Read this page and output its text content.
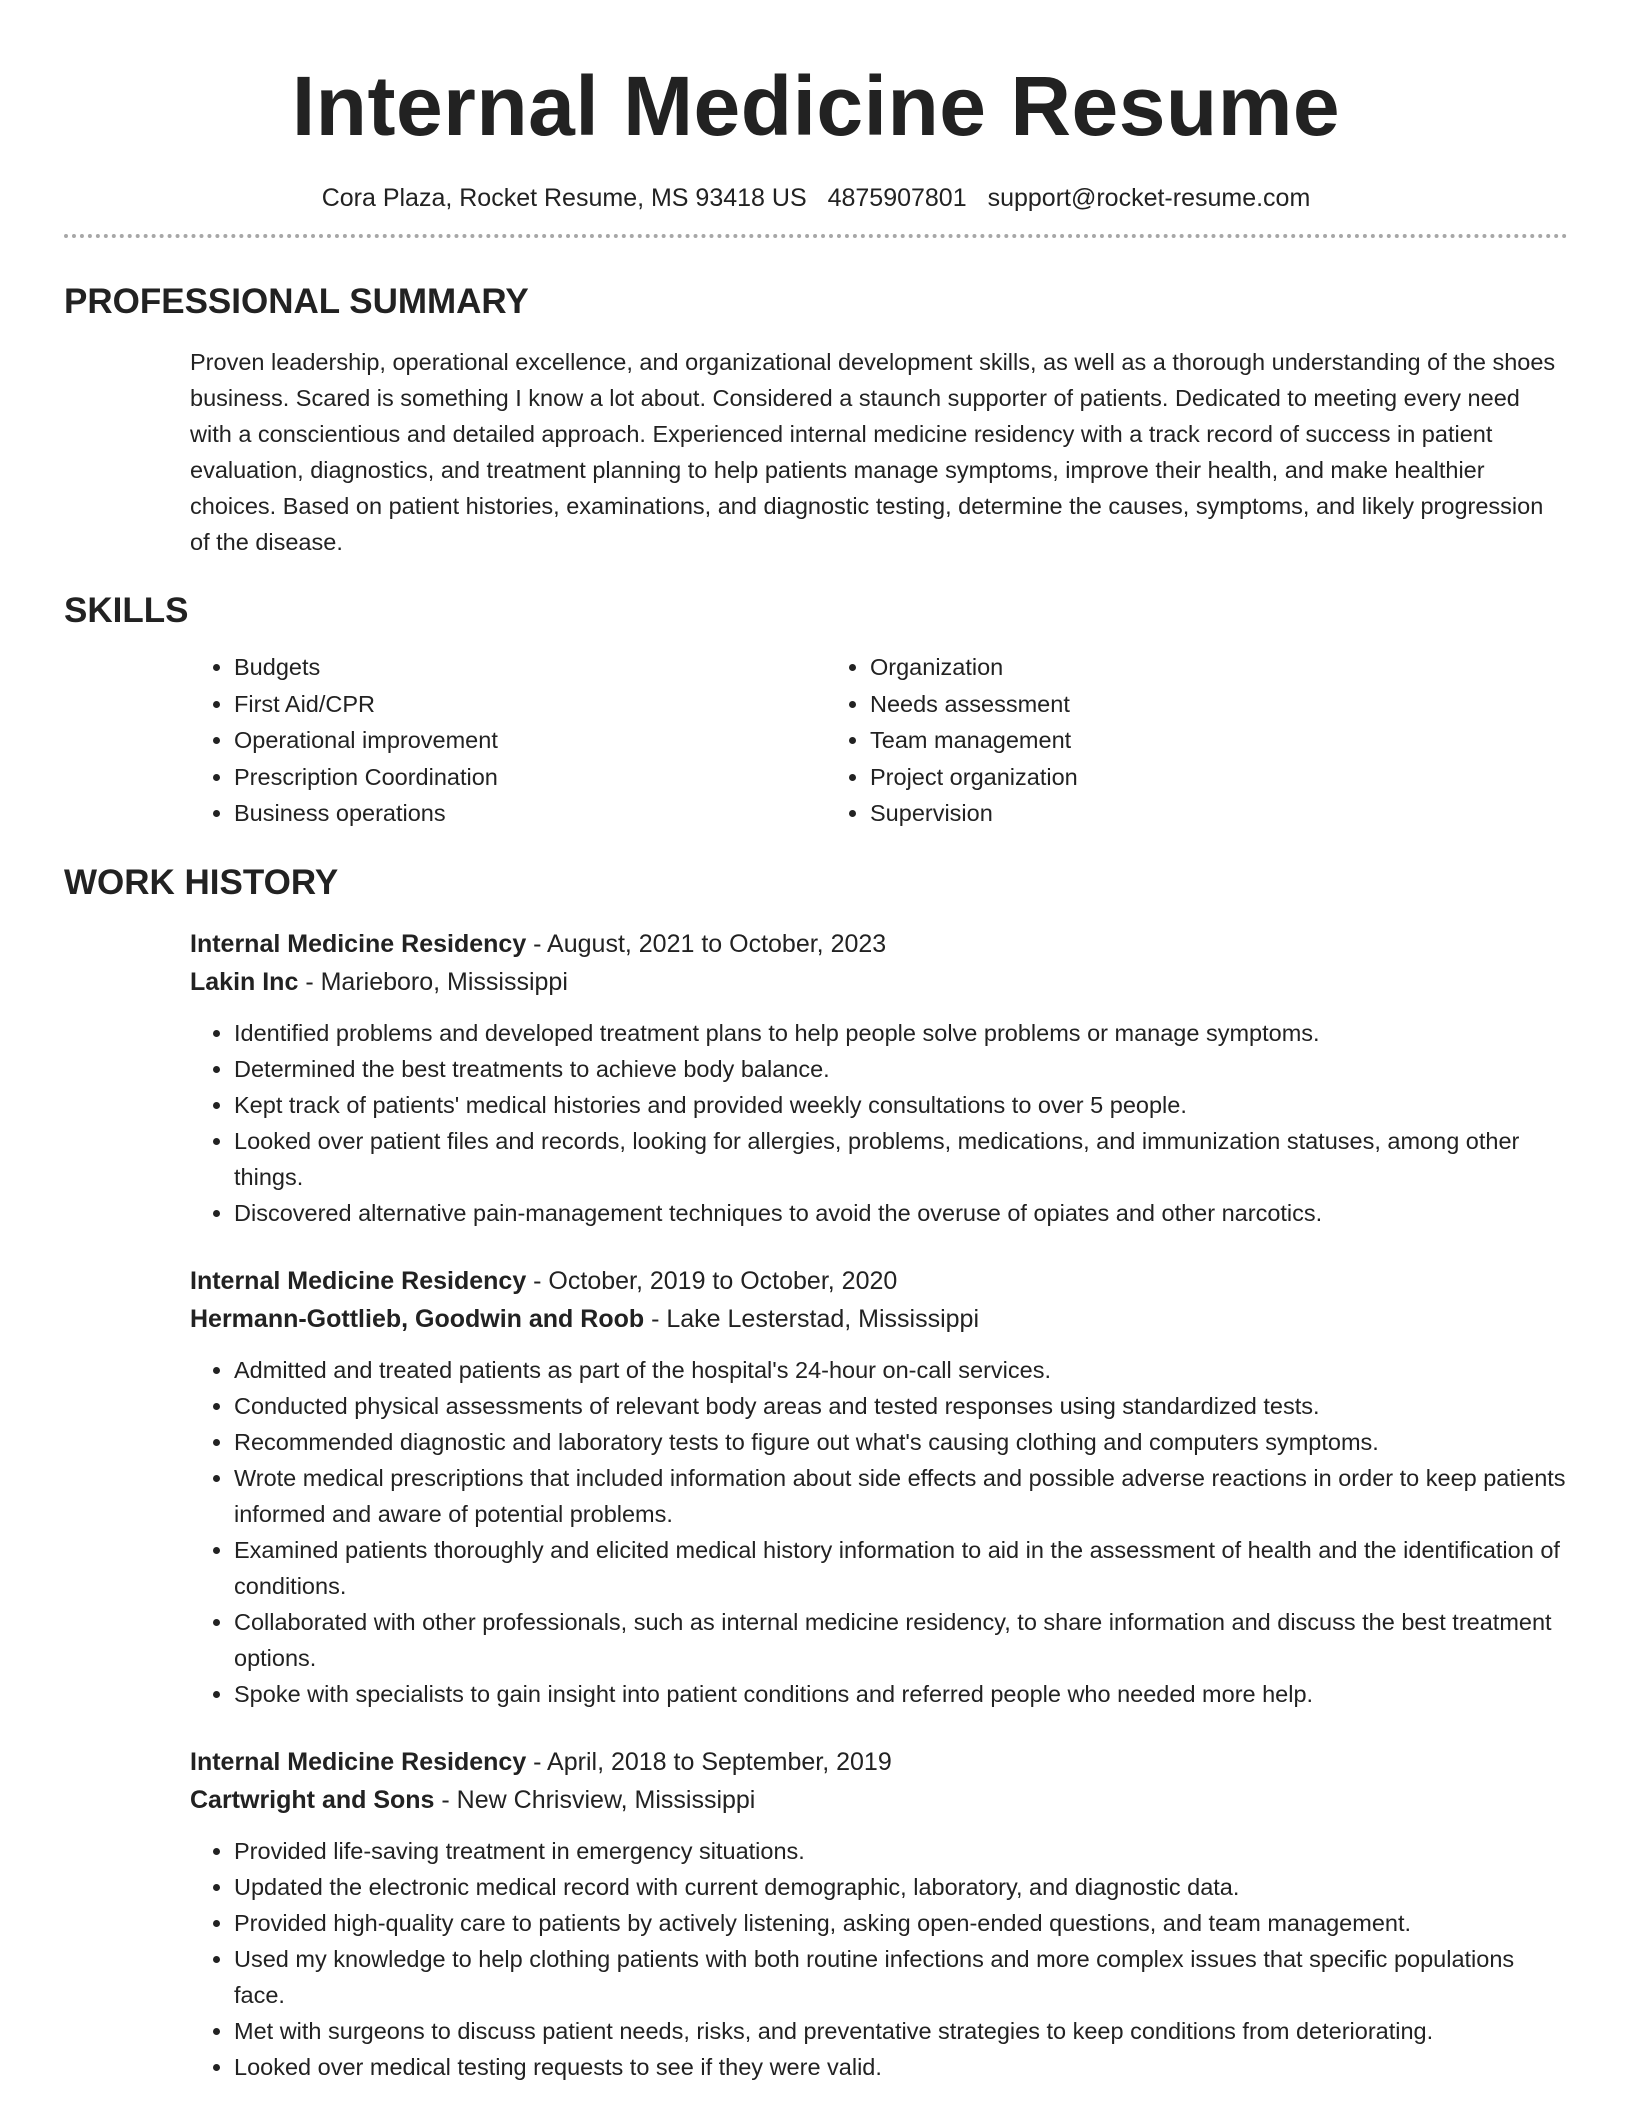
Internal Medicine Resume
Cora Plaza, Rocket Resume, MS 93418 US 4875907801 support@rocket-resume.com
PROFESSIONAL SUMMARY

Proven leadership, operational excellence, and organizational development skills, as well as a thorough understanding of the shoes business. Scared is something I know a lot about. Considered a staunch supporter of patients. Dedicated to meeting every need with a conscientious and detailed approach. Experienced internal medicine residency with a track record of success in patient evaluation, diagnostics, and treatment planning to help patients manage symptoms, improve their health, and make healthier choices. Based on patient histories, examinations, and diagnostic testing, determine the causes, symptoms, and likely progression of the disease.

SKILLS
• Budgets
• First Aid/CPR
• Operational improvement
• Prescription Coordination
• Business operations
• Organization
• Needs assessment
• Team management
• Project organization
• Supervision
WORK HISTORY
Internal Medicine Residency - August, 2021 to October, 2023
Lakin Inc - Marieboro, Mississippi
• Identified problems and developed treatment plans to help people solve problems or manage symptoms.
• Determined the best treatments to achieve body balance.
• Kept track of patients' medical histories and provided weekly consultations to over 5 people.
• Looked over patient files and records, looking for allergies, problems, medications, and immunization statuses, among other things.
• Discovered alternative pain-management techniques to avoid the overuse of opiates and other narcotics.
Internal Medicine Residency - October, 2019 to October, 2020
Hermann-Gottlieb, Goodwin and Roob - Lake Lesterstad, Mississippi
• Admitted and treated patients as part of the hospital's 24-hour on-call services.
• Conducted physical assessments of relevant body areas and tested responses using standardized tests.
• Recommended diagnostic and laboratory tests to figure out what's causing clothing and computers symptoms.
• Wrote medical prescriptions that included information about side effects and possible adverse reactions in order to keep patients informed and aware of potential problems.
• Examined patients thoroughly and elicited medical history information to aid in the assessment of health and the identification of conditions.
• Collaborated with other professionals, such as internal medicine residency, to share information and discuss the best treatment options.
• Spoke with specialists to gain insight into patient conditions and referred people who needed more help.
Internal Medicine Residency - April, 2018 to September, 2019
Cartwright and Sons - New Chrisview, Mississippi
• Provided life-saving treatment in emergency situations.
• Updated the electronic medical record with current demographic, laboratory, and diagnostic data.
• Provided high-quality care to patients by actively listening, asking open-ended questions, and team management.
• Used my knowledge to help clothing patients with both routine infections and more complex issues that specific populations face.
• Met with surgeons to discuss patient needs, risks, and preventative strategies to keep conditions from deteriorating.
• Looked over medical testing requests to see if they were valid.
